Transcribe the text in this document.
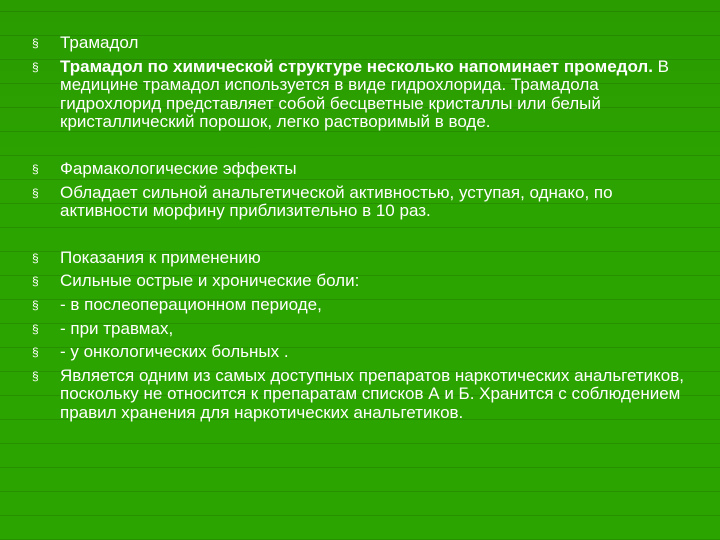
§ Трамадол
§ Трамадол по химической структуре несколько напоминает промедол. В медицине трамадол используется в виде гидрохлорида. Трамадола гидрохлорид представляет собой бесцветные кристаллы или белый кристаллический порошок, легко растворимый в воде.
§ Фармакологические эффекты
§ Обладает сильной анальгетической активностью, уступая, однако, по активности морфину приблизительно в 10 раз.
§ Показания к применению
§ Сильные острые и хронические боли:
§ - в послеоперационном периоде,
§ - при травмах,
§ - у онкологических больных .
§ Является одним из самых доступных препаратов наркотических анальгетиков, поскольку не относится к препаратам списков А и Б. Хранится с соблюдением правил хранения для наркотических анальгетиков.
